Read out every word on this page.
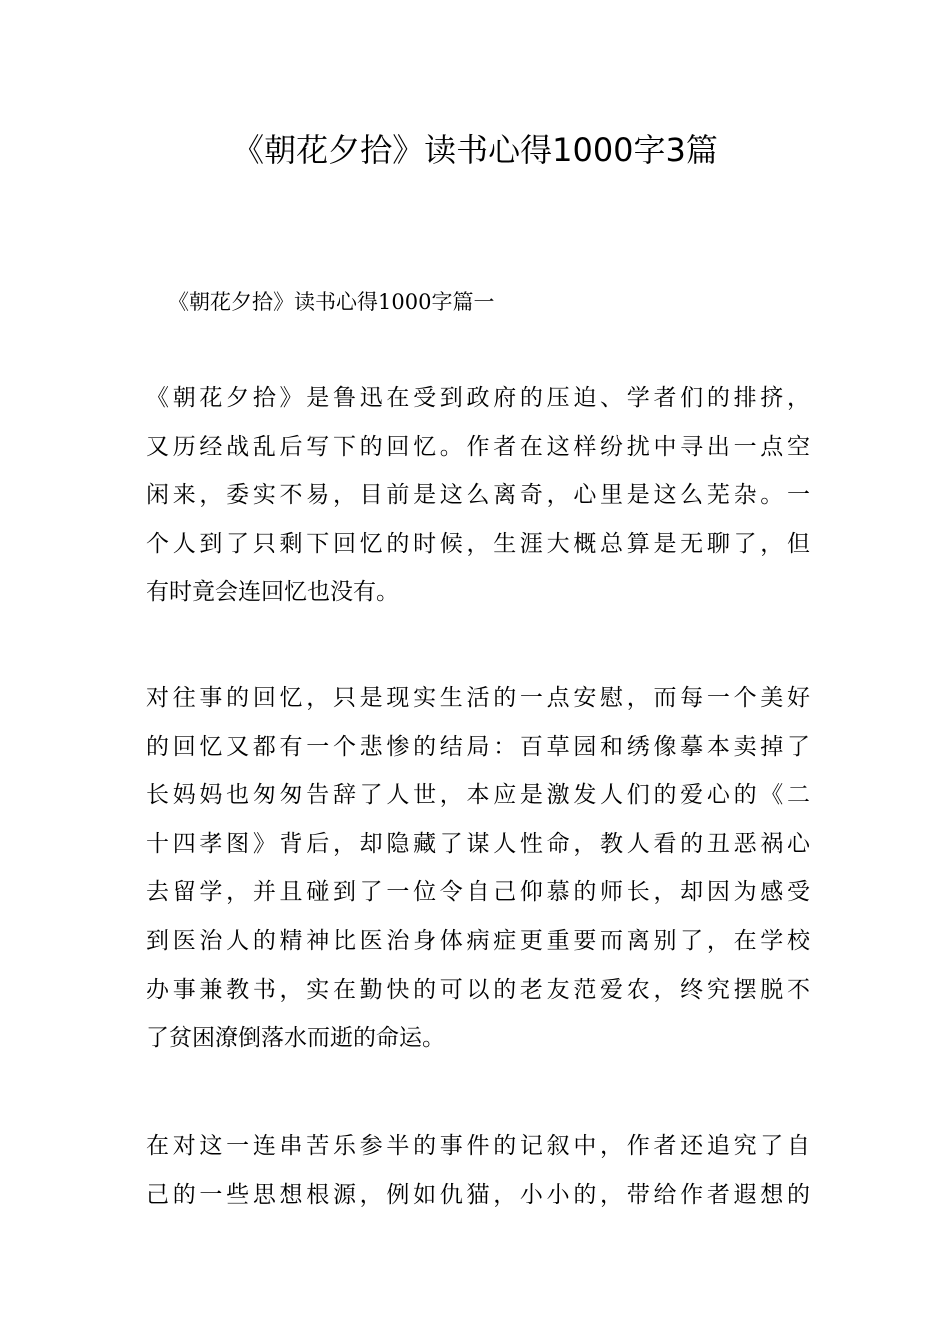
《朝花夕拾》读书心得1000字3篇

《朝花夕拾》读书心得1000字篇一

《朝花夕拾》是鲁迅在受到政府的压迫、学者们的排挤，
又历经战乱后写下的回忆。作者在这样纷扰中寻出一点空
闲来，委实不易，目前是这么离奇，心里是这么芜杂。一
个人到了只剩下回忆的时候，生涯大概总算是无聊了，但
有时竟会连回忆也没有。
对往事的回忆，只是现实生活的一点安慰，而每一个美好
的回忆又都有一个悲惨的结局：百草园和绣像摹本卖掉了
长妈妈也匆匆告辞了人世，本应是激发人们的爱心的《二
十四孝图》背后，却隐藏了谋人性命，教人看的丑恶祸心
去留学，并且碰到了一位令自己仰慕的师长，却因为感受
到医治人的精神比医治身体病症更重要而离别了，在学校
办事兼教书，实在勤快的可以的老友范爱农，终究摆脱不
了贫困潦倒落水而逝的命运。
在对这一连串苦乐参半的事件的记叙中，作者还追究了自
己的一些思想根源，例如仇猫，小小的，带给作者遐想的
